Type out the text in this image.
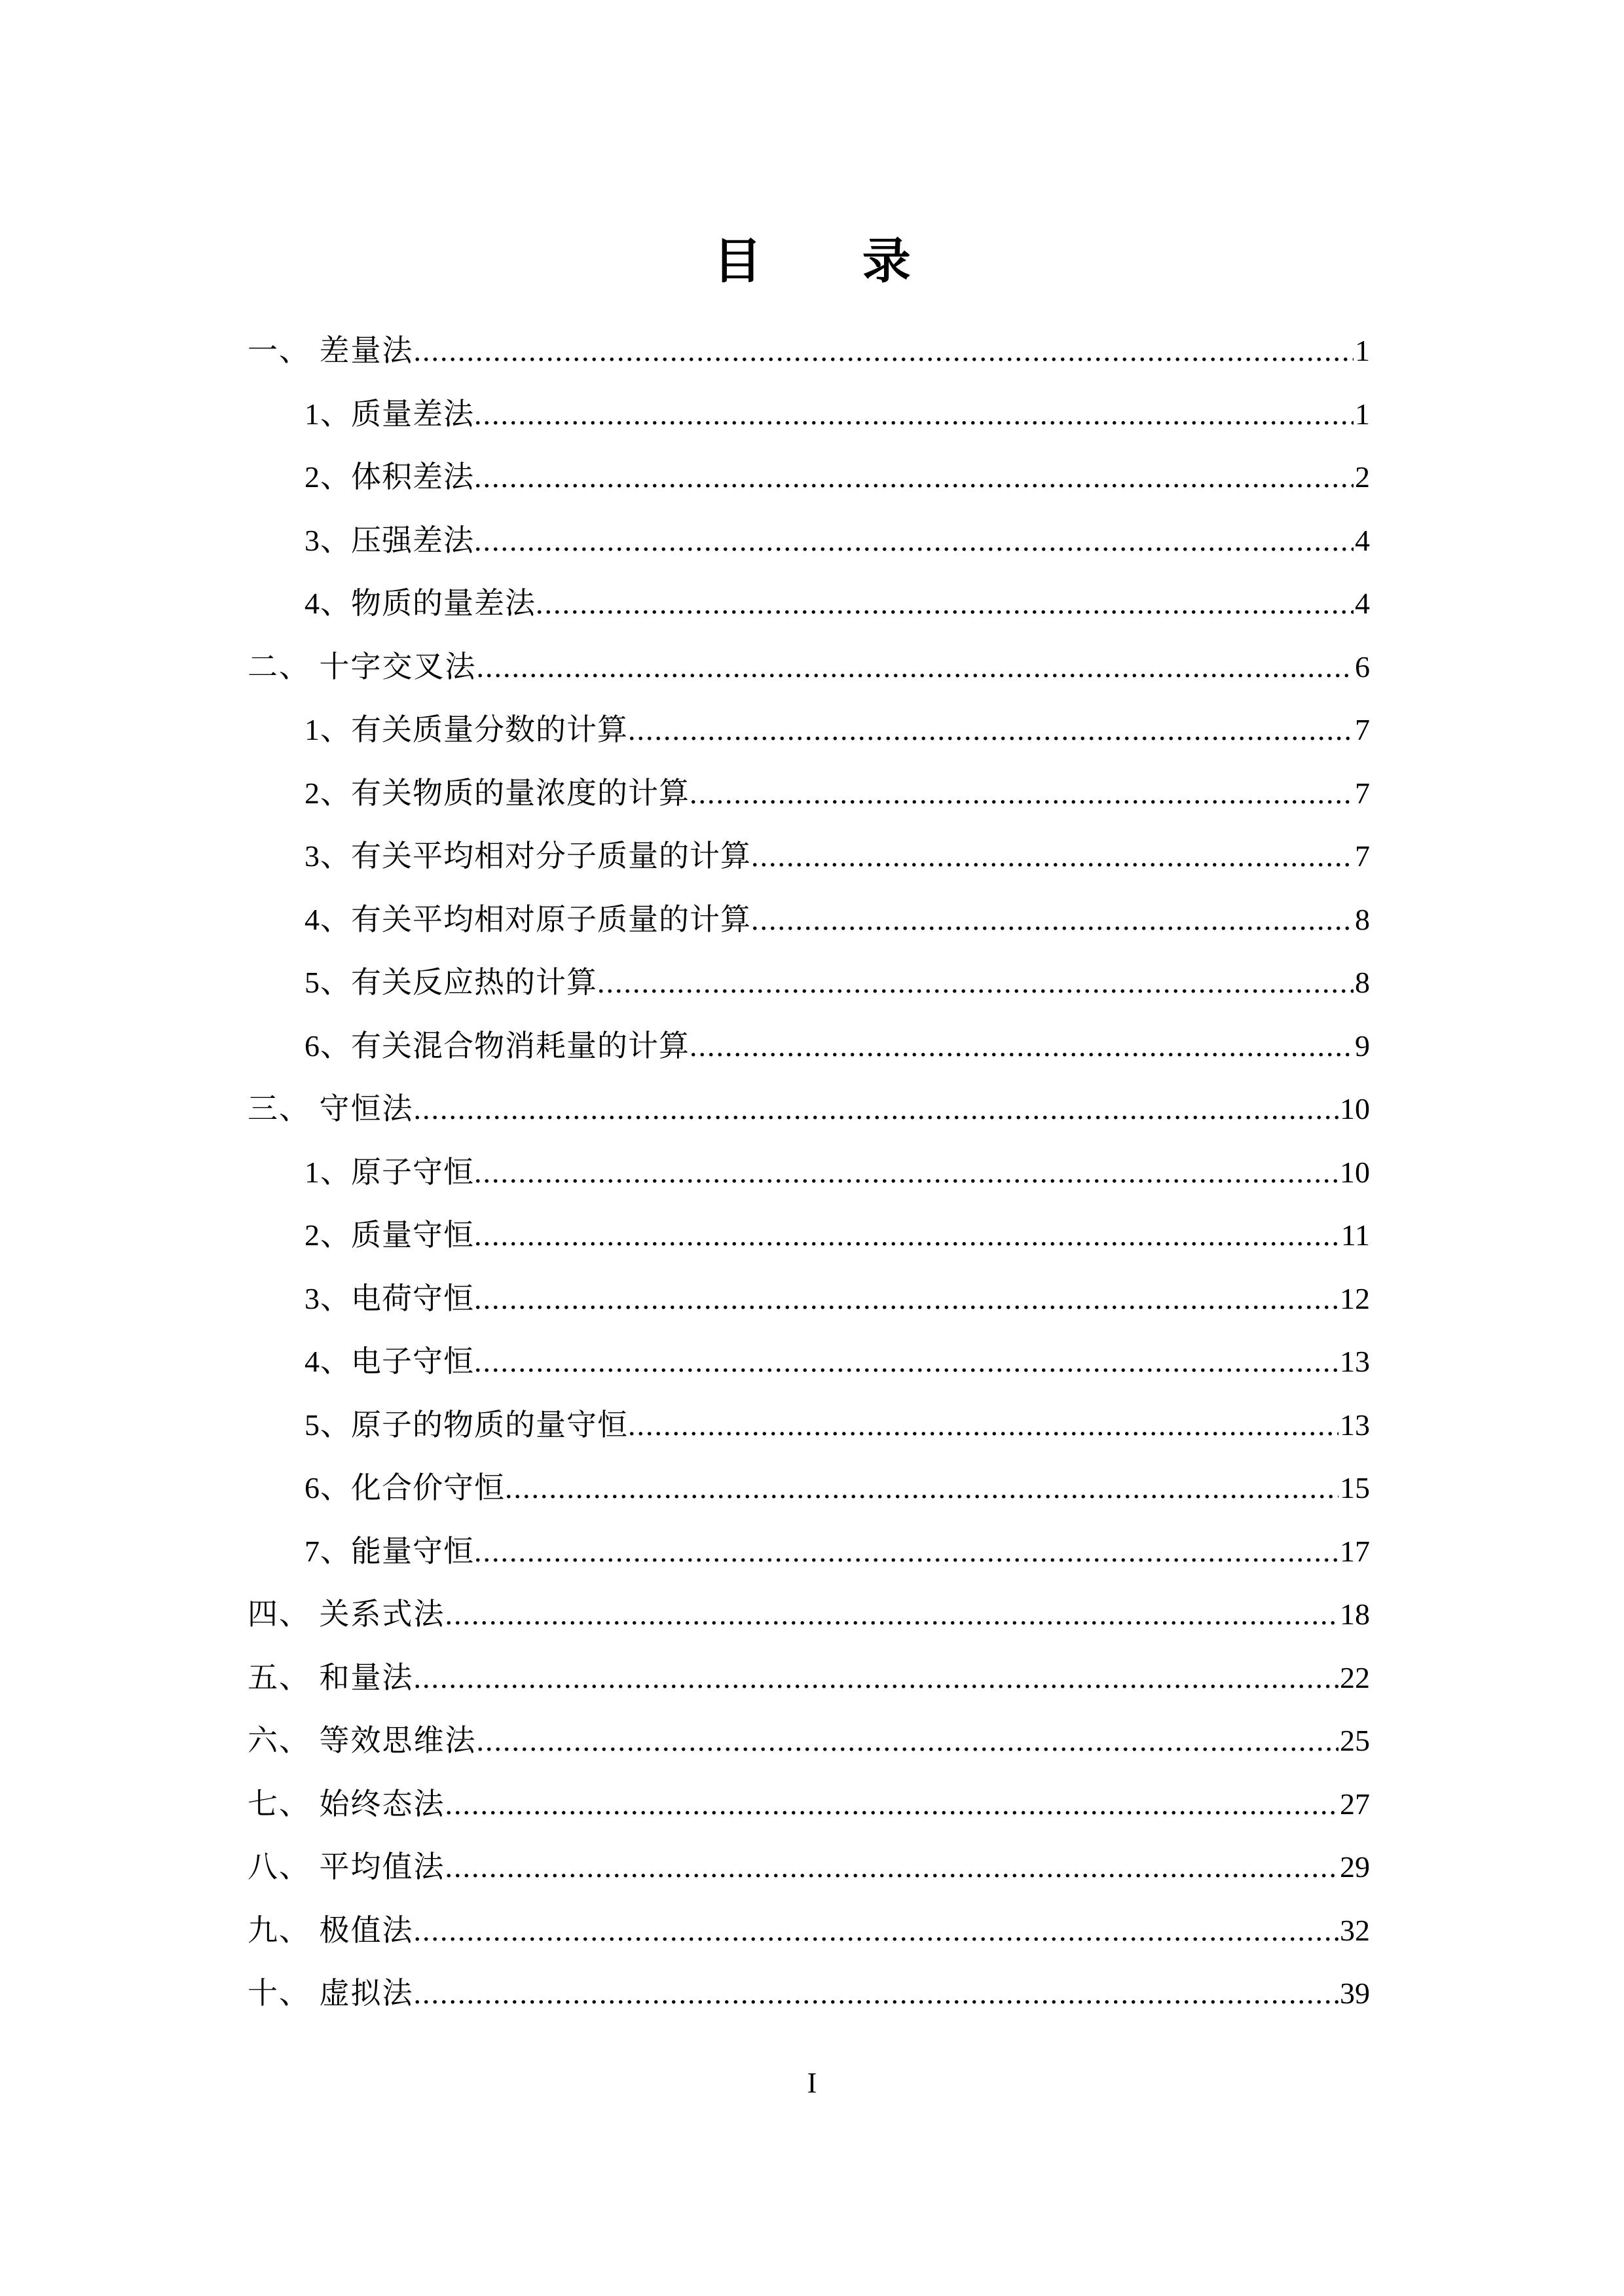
目  录
一、 差量法 .....	1
1、质量差法 .....	1
2、体积差法 .....	2
3、压强差法 .....	4
4、物质的量差法 .....	4
二、 十字交叉法 .....	6
1、有关质量分数的计算 .....	7
2、有关物质的量浓度的计算 .....	7
3、有关平均相对分子质量的计算 .....	7
4、有关平均相对原子质量的计算 .....	8
5、有关反应热的计算 .....	8
6、有关混合物消耗量的计算 .....	9
三、 守恒法 .....	10
1、原子守恒 .....	10
2、质量守恒 .....	11
3、电荷守恒 .....	12
4、电子守恒 .....	13
5、原子的物质的量守恒 .....	13
6、化合价守恒 .....	15
7、能量守恒 .....	17
四、 关系式法 .....	18
五、 和量法 .....	22
六、 等效思维法 .....	25
七、 始终态法 .....	27
八、 平均值法 .....	29
九、 极值法 .....	32
十、 虚拟法 .....	39
I
